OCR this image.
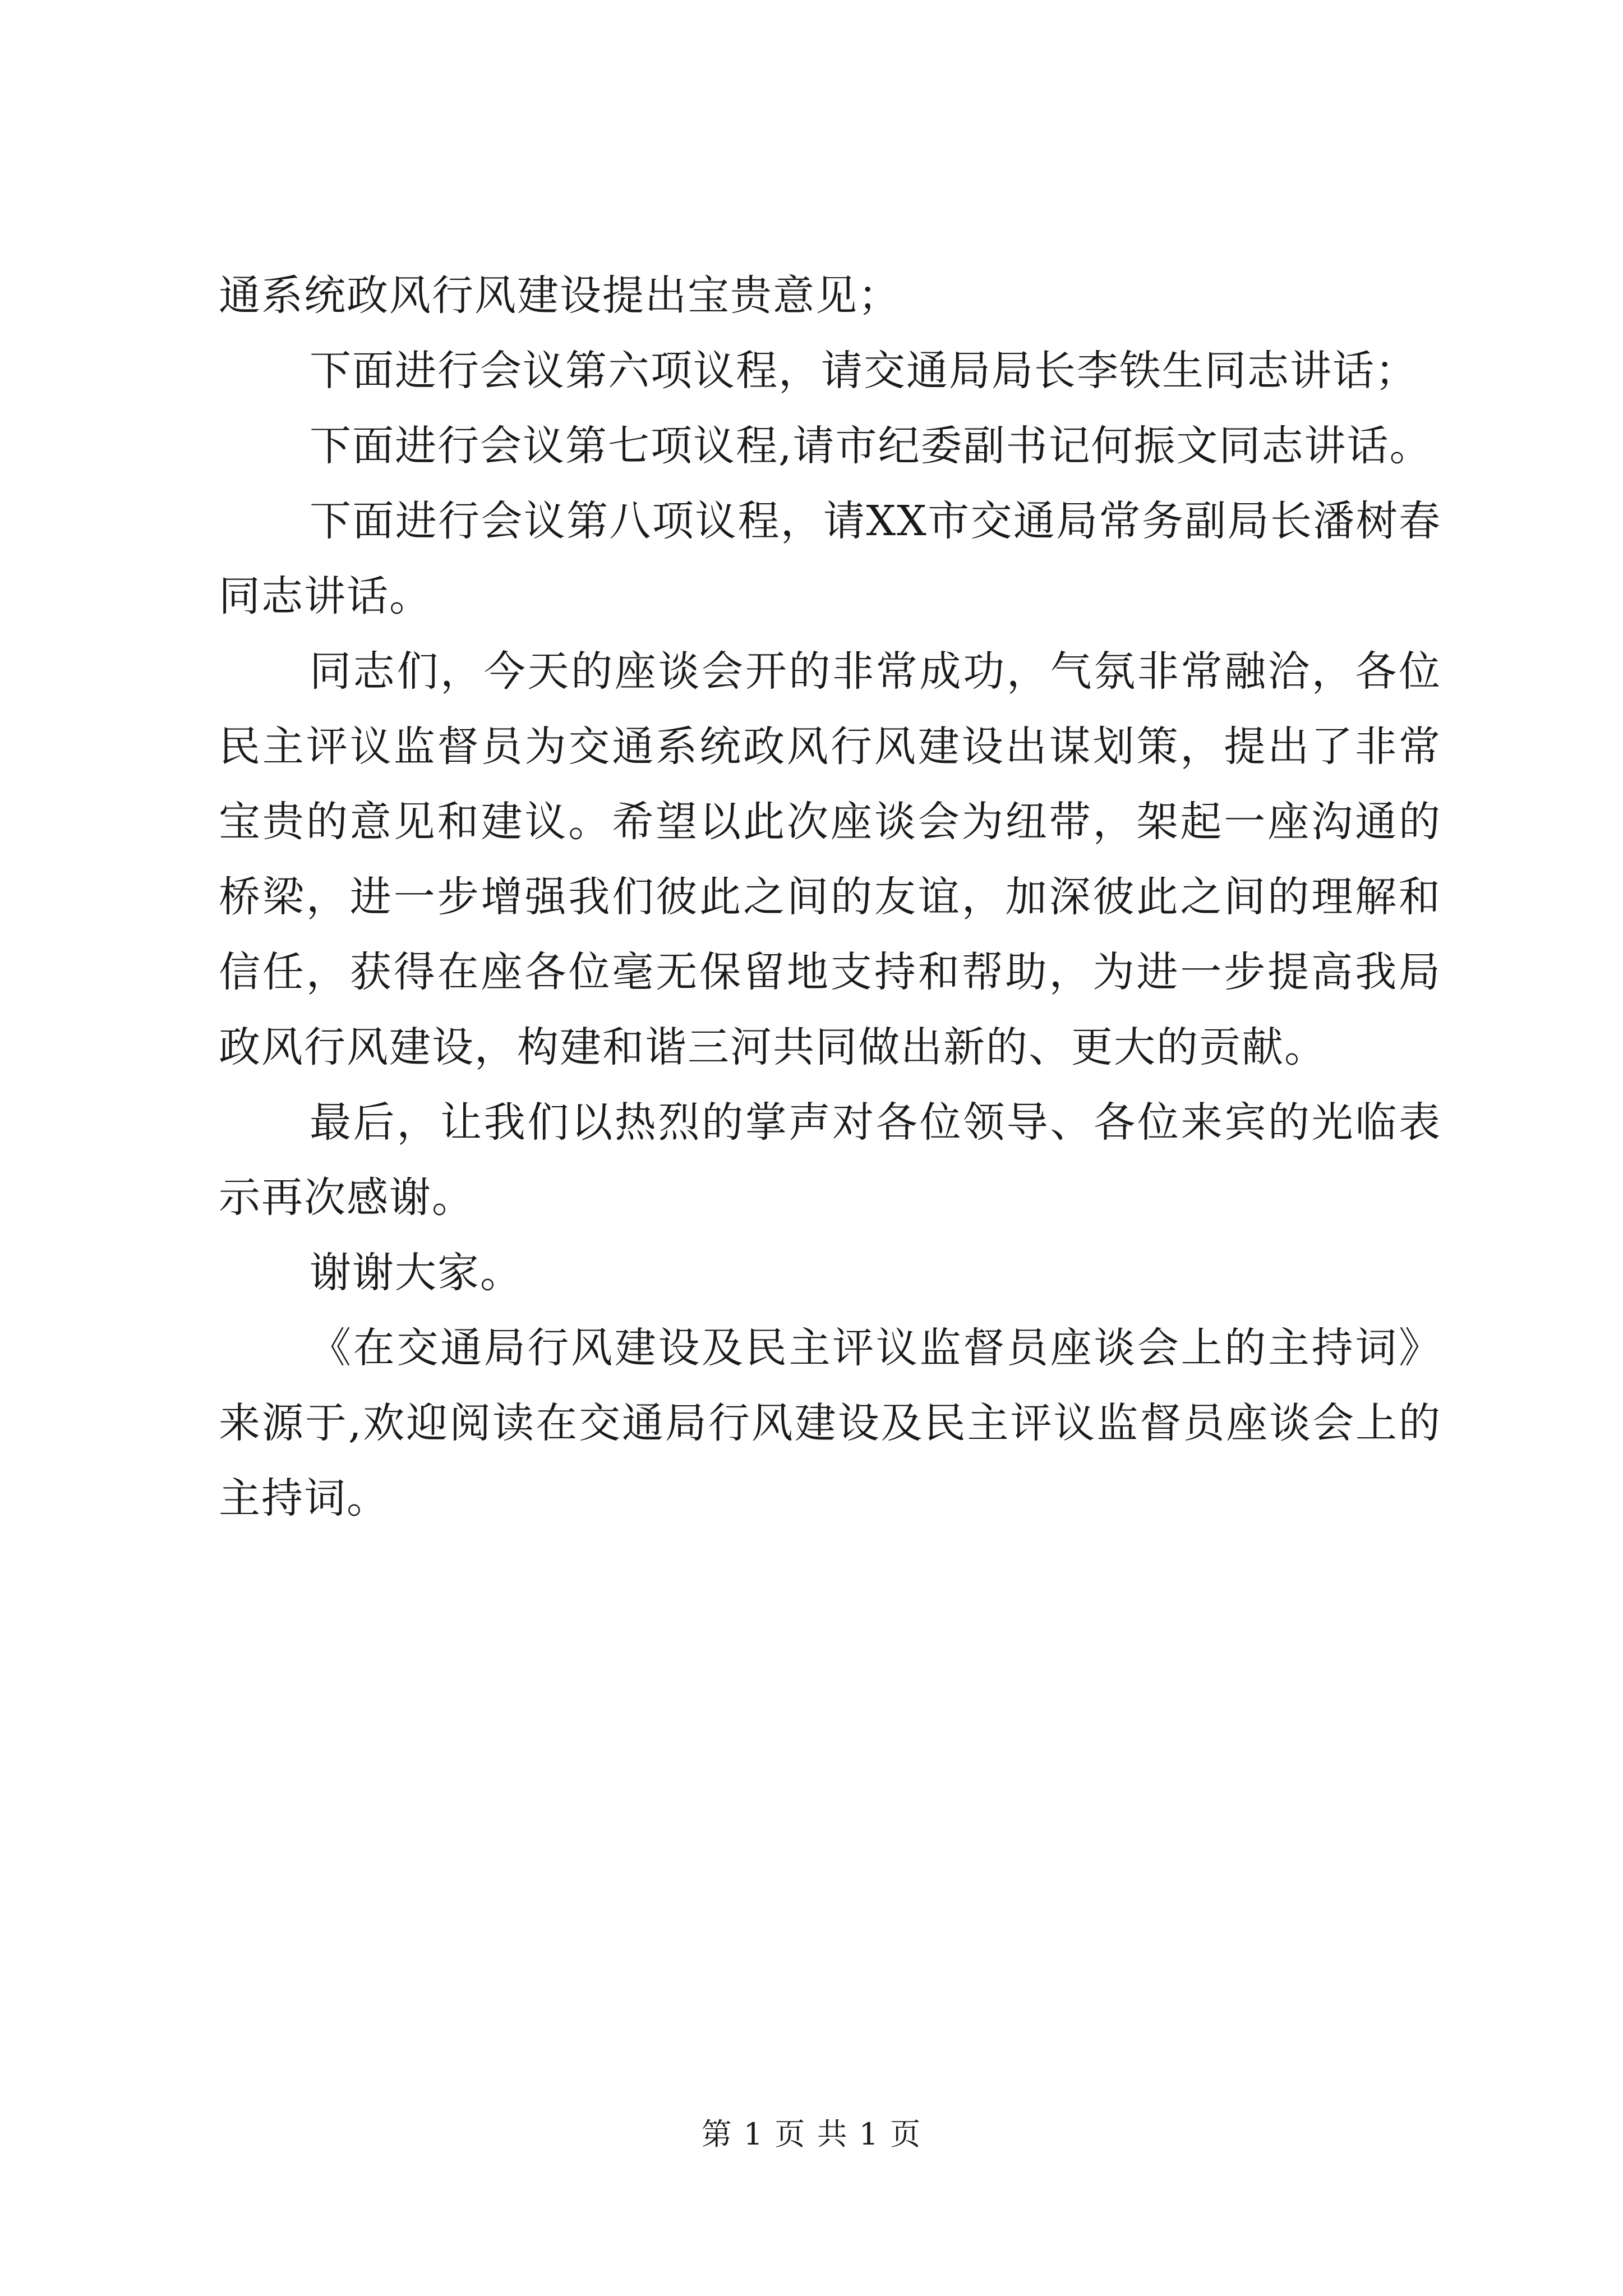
通系统政风行风建设提出宝贵意见；

下面进行会议第六项议程，请交通局局长李铁生同志讲话；

下面进行会议第七项议程,请市纪委副书记何振文同志讲话。

下面进行会议第八项议程，请XX市交通局常务副局长潘树春同志讲话。

同志们，今天的座谈会开的非常成功，气氛非常融洽，各位民主评议监督员为交通系统政风行风建设出谋划策，提出了非常宝贵的意见和建议。希望以此次座谈会为纽带，架起一座沟通的桥梁，进一步增强我们彼此之间的友谊，加深彼此之间的理解和信任，获得在座各位毫无保留地支持和帮助，为进一步提高我局政风行风建设，构建和谐三河共同做出新的、更大的贡献。

最后，让我们以热烈的掌声对各位领导、各位来宾的光临表示再次感谢。

谢谢大家。

《在交通局行风建设及民主评议监督员座谈会上的主持词》来源于,欢迎阅读在交通局行风建设及民主评议监督员座谈会上的主持词。

第 1 页 共 1 页
